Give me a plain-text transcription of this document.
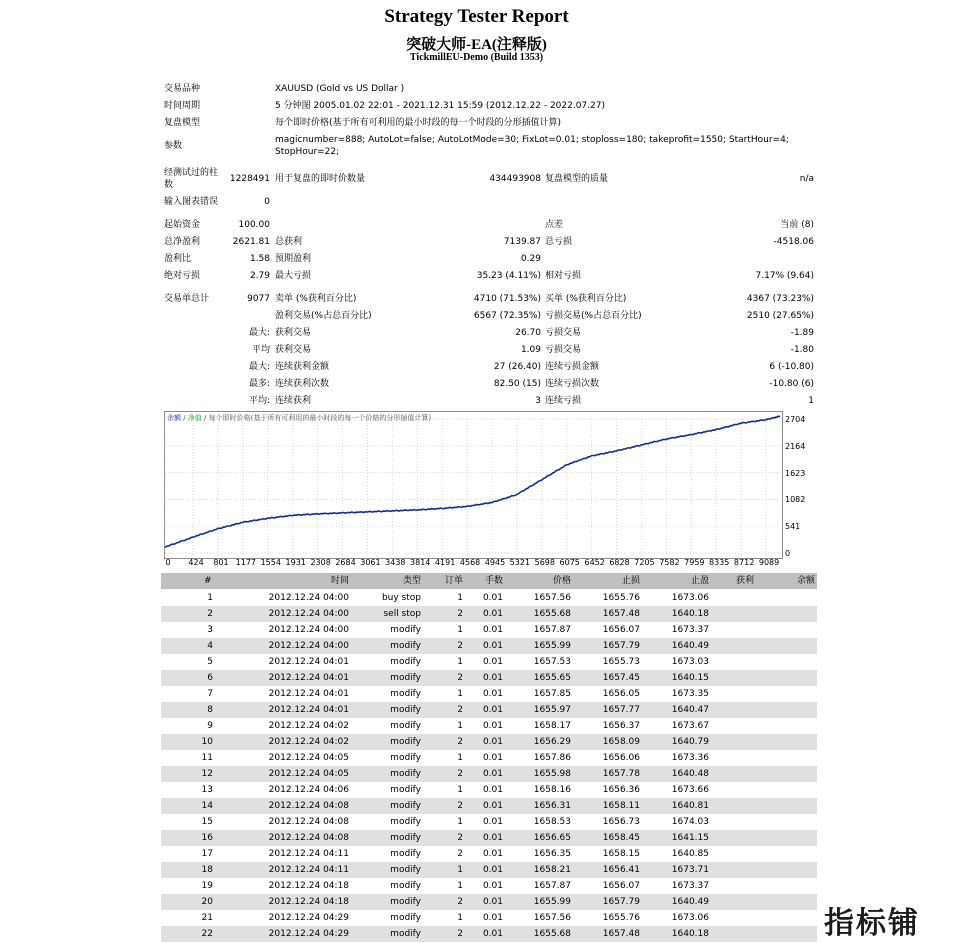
Strategy Tester Report
突破大师-EA(注释版)
TickmillEU-Demo (Build 1353)
交易品种	XAUUSD (Gold vs US Dollar )
时间周期	5 分钟图 2005.01.02 22:01 - 2021.12.31 15:59 (2012.12.22 - 2022.07.27)
复盘模型	每个即时价格(基于所有可利用的最小时段的每一个时段的分形插值计算)
参数
magicnumber=888; AutoLot=false; AutoLotMode=30; FixLot=0.01; stoploss=180; takeprofit=1550; StartHour=4;
StopHour=22;
经测试过的柱
数
1228491 用于复盘的即时价数量	434493908 复盘模型的质量	n/a
输入图表错误	0
起始资金	100.00	点差	当前 (8)
总净盈利	2621.81 总获利	7139.87 总亏损	-4518.06
盈利比	1.58 预期盈利	0.29
绝对亏损	2.79 最大亏损	35.23 (4.11%) 相对亏损	7.17% (9.64)
交易单总计	9077 卖单 (%获利百分比)	4710 (71.53%) 买单 (%获利百分比)	4367 (73.23%)
盈利交易(%占总百分比)	6567 (72.35%) 亏损交易(%占总百分比)	2510 (27.65%)
最大: 获利交易	26.70 亏损交易	-1.89
平均 获利交易	1.09 亏损交易	-1.80
最大: 连续获利金额	27 (26.40) 连续亏损金额	6 (-10.80)
最多: 连续获利次数	82.50 (15) 连续亏损次数	-10.80 (6)
平均: 连续获利	3 连续亏损	1
余额 / 净值 / 每个即时价格(基于所有可利用的最小时段的每一个价格的分形插值计算)
0
541
1082
1623
2164
2704
0 424 801 1177 1554 1931 2308 2684 3061 3438 3814 4191 4568 4945 5321 5698 6075 6452 6828 7205 7582 7959 8335 8712 9089
#	时间	类型	订单	手数	价格	止损	止盈	获利	余额
1	2012.12.24 04:00	buy stop	1	0.01	1657.56	1655.76	1673.06
2	2012.12.24 04:00	sell stop	2	0.01	1655.68	1657.48	1640.18
3	2012.12.24 04:00	modify	1	0.01	1657.87	1656.07	1673.37
4	2012.12.24 04:00	modify	2	0.01	1655.99	1657.79	1640.49
5	2012.12.24 04:01	modify	1	0.01	1657.53	1655.73	1673.03
6	2012.12.24 04:01	modify	2	0.01	1655.65	1657.45	1640.15
7	2012.12.24 04:01	modify	1	0.01	1657.85	1656.05	1673.35
8	2012.12.24 04:01	modify	2	0.01	1655.97	1657.77	1640.47
9	2012.12.24 04:02	modify	1	0.01	1658.17	1656.37	1673.67
10	2012.12.24 04:02	modify	2	0.01	1656.29	1658.09	1640.79
11	2012.12.24 04:05	modify	1	0.01	1657.86	1656.06	1673.36
12	2012.12.24 04:05	modify	2	0.01	1655.98	1657.78	1640.48
13	2012.12.24 04:06	modify	1	0.01	1658.16	1656.36	1673.66
14	2012.12.24 04:08	modify	2	0.01	1656.31	1658.11	1640.81
15	2012.12.24 04:08	modify	1	0.01	1658.53	1656.73	1674.03
16	2012.12.24 04:08	modify	2	0.01	1656.65	1658.45	1641.15
17	2012.12.24 04:11	modify	2	0.01	1656.35	1658.15	1640.85
18	2012.12.24 04:11	modify	1	0.01	1658.21	1656.41	1673.71
19	2012.12.24 04:18	modify	1	0.01	1657.87	1656.07	1673.37
20	2012.12.24 04:18	modify	2	0.01	1655.99	1657.79	1640.49
21	2012.12.24 04:29	modify	1	0.01	1657.56	1655.76	1673.06
22	2012.12.24 04:29	modify	2	0.01	1655.68	1657.48	1640.18	指标铺
